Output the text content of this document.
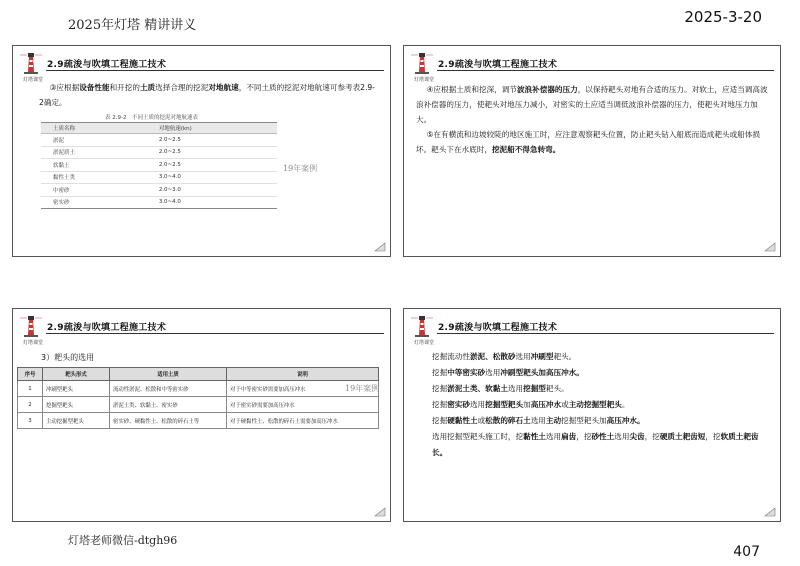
2025年灯塔 精讲讲义	2025-3-20
灯塔课堂
2.9疏浚与吹填工程施工技术
③应根据设备性能和开挖的土质选择合理的挖泥对地航速，不同土质的挖泥对地航速可参考表2.9-2确定。
表 2.9-2　不同土质的挖泥对地航速表
土质名称	对地航速(kn)
淤泥	2.0~2.5
淤泥质土	2.0~2.5
软黏土	2.0~2.5
黏性土类	3.0~4.0
中密砂	2.0~3.0
密实砂	3.0~4.0
19年案例
灯塔课堂
2.9疏浚与吹填工程施工技术
④应根据土质和挖深，调节波浪补偿器的压力，以保持耙头对地有合适的压力。对软土，应适当调高波浪补偿器的压力，使耙头对地压力减小，对密实的土应适当调低波浪补偿器的压力，使耙头对地压力加大。
⑤在有横流和边坡较陡的地区施工时，应注意观察耙头位置，防止耙头钻入船底而造成耙头或船体损坏。耙头下在水底时，挖泥船不得急转弯。
灯塔课堂
2.9疏浚与吹填工程施工技术
3）耙头的选用
序号	耙头形式	适用土质	说明
1	冲刷型耙头	流动性淤泥、松散和中等密实砂	对于中等密实砂需要加高压冲水
2	挖掘型耙头	淤泥土类、软黏土、密实砂	对于密实砂需要加高压冲水
3	主动挖掘型耙头	密实砂、硬黏性土、松散的碎石土等	对于硬黏性土、松散的碎石土需要加高压冲水
19年案例
灯塔课堂
2.9疏浚与吹填工程施工技术
挖掘流动性淤泥、松散砂选用冲刷型耙头。
挖掘中等密实砂选用冲刷型耙头加高压冲水。
挖掘淤泥土类、软黏土选用挖掘型耙头。
挖掘密实砂选用挖掘型耙头加高压冲水或主动挖掘型耙头。
挖掘硬黏性土或松散的碎石土选用主动挖掘型耙头加高压冲水。
选用挖掘型耙头施工时，挖黏性土选用扁齿，挖砂性土选用尖齿，挖硬质土耙齿短，挖软质土耙齿长。
灯塔老师微信-dtgh96
407
